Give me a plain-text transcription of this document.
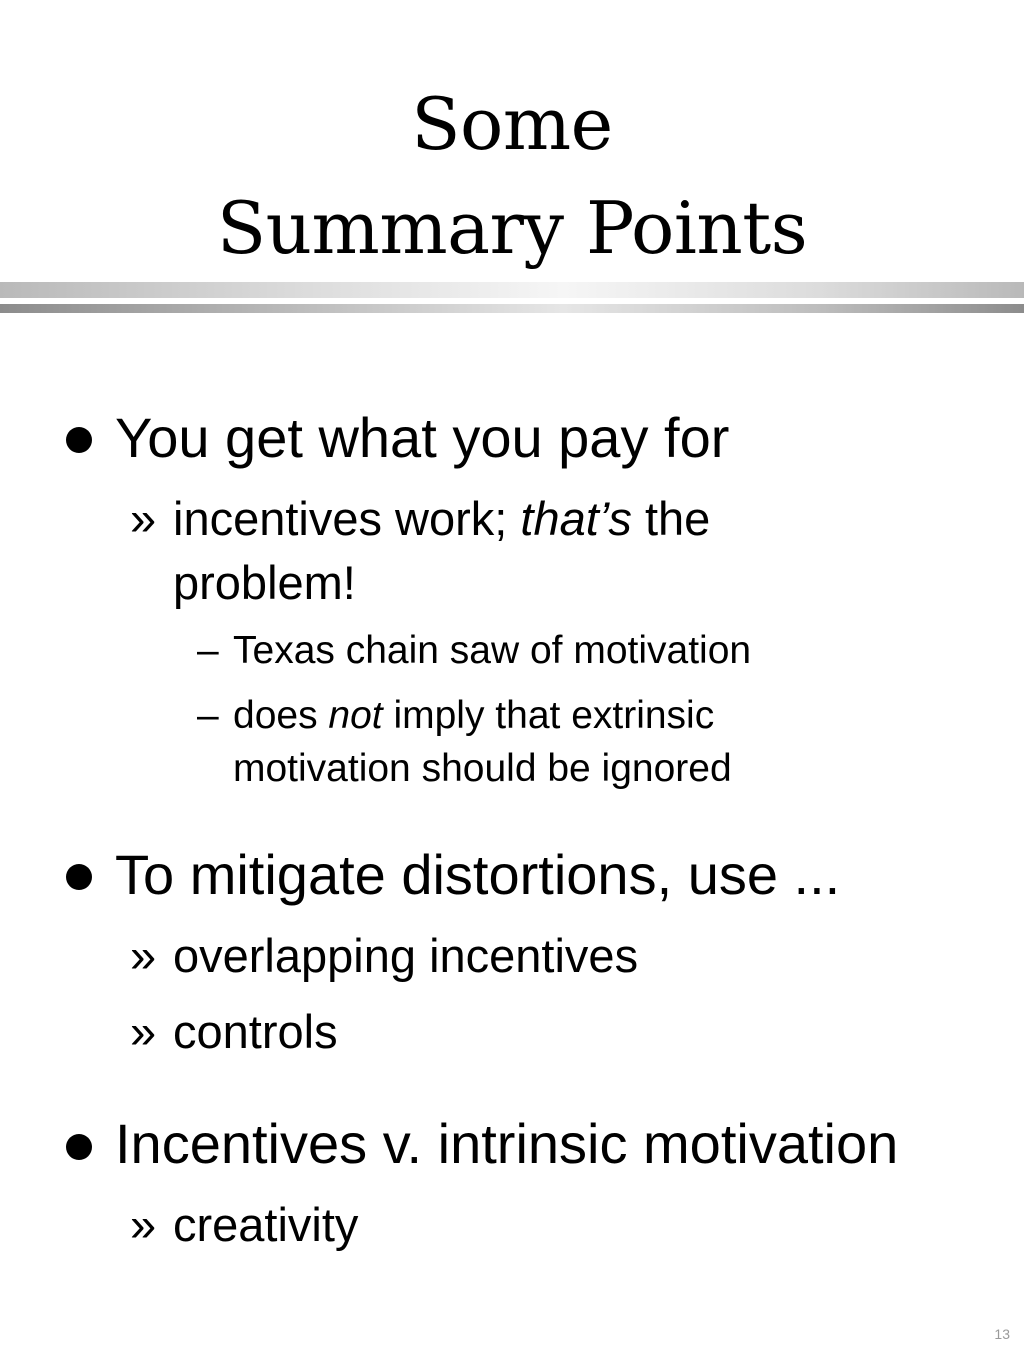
Some
Summary Points
You get what you pay for
» incentives work; that’s the
problem!
– Texas chain saw of motivation
– does not imply that extrinsic
motivation should be ignored
To mitigate distortions, use ...
» overlapping incentives
» controls
Incentives v. intrinsic motivation
» creativity
13
